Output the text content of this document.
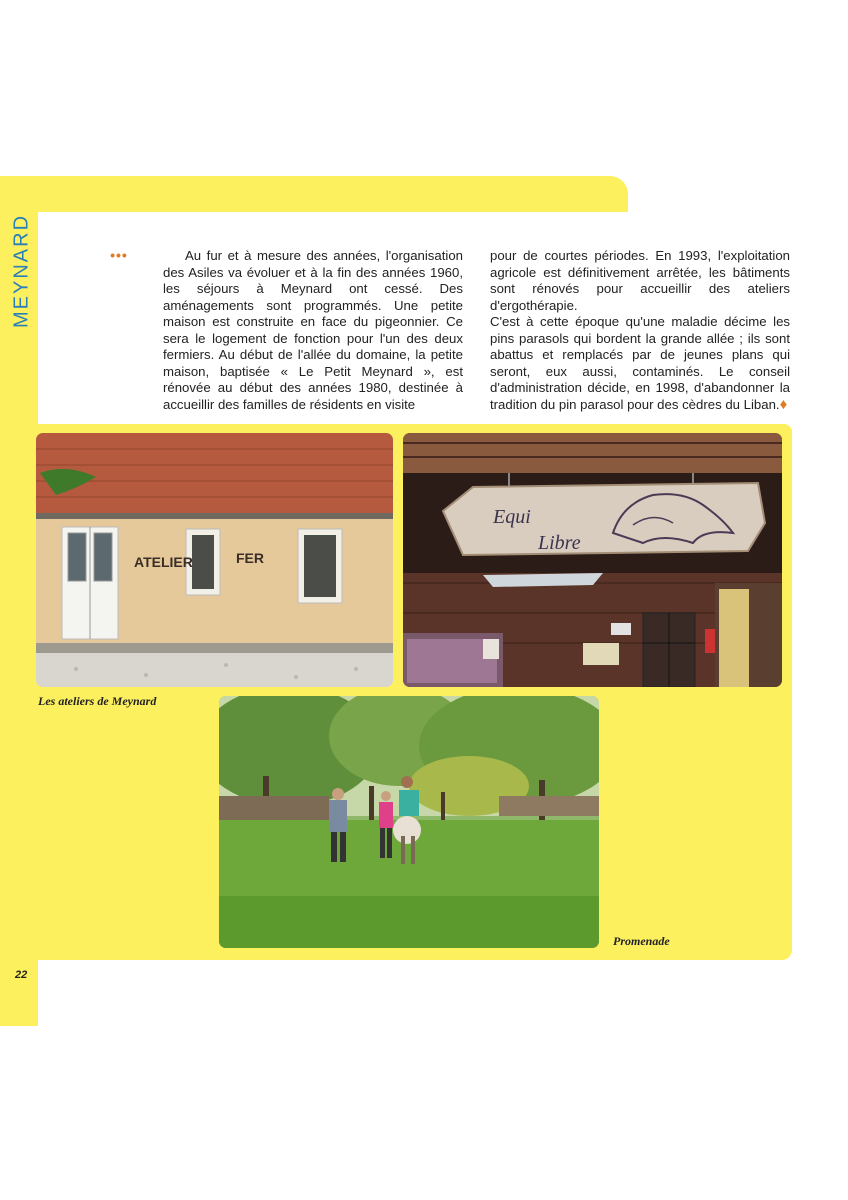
MEYNARD	•••	Au fur et à mesure des années, l'organisation des Asiles va évoluer et à la fin des années 1960, les séjours à Meynard ont cessé. Des aménagements sont programmés. Une petite maison est construite en face du pigeonnier. Ce sera le logement de fonction pour l'un des deux fermiers. Au début de l'allée du domaine, la petite maison, baptisée « Le Petit Meynard », est rénovée au début des années 1980, destinée à accueillir des familles de résidents en visite

pour de courtes périodes. En 1993, l'exploitation agricole est définitivement arrêtée, les bâtiments sont rénovés pour accueillir des ateliers d'ergothérapie.

C'est à cette époque qu'une maladie décime les pins parasols qui bordent la grande allée ; ils sont abattus et remplacés par de jeunes plans qui seront, eux aussi, contaminés. Le conseil d'administration décide, en 1998, d'abandonner la tradition du pin parasol pour des cèdres du Liban.♦

ATELIER	FER
Equi
Libre
Les ateliers de Meynard
Promenade
22
